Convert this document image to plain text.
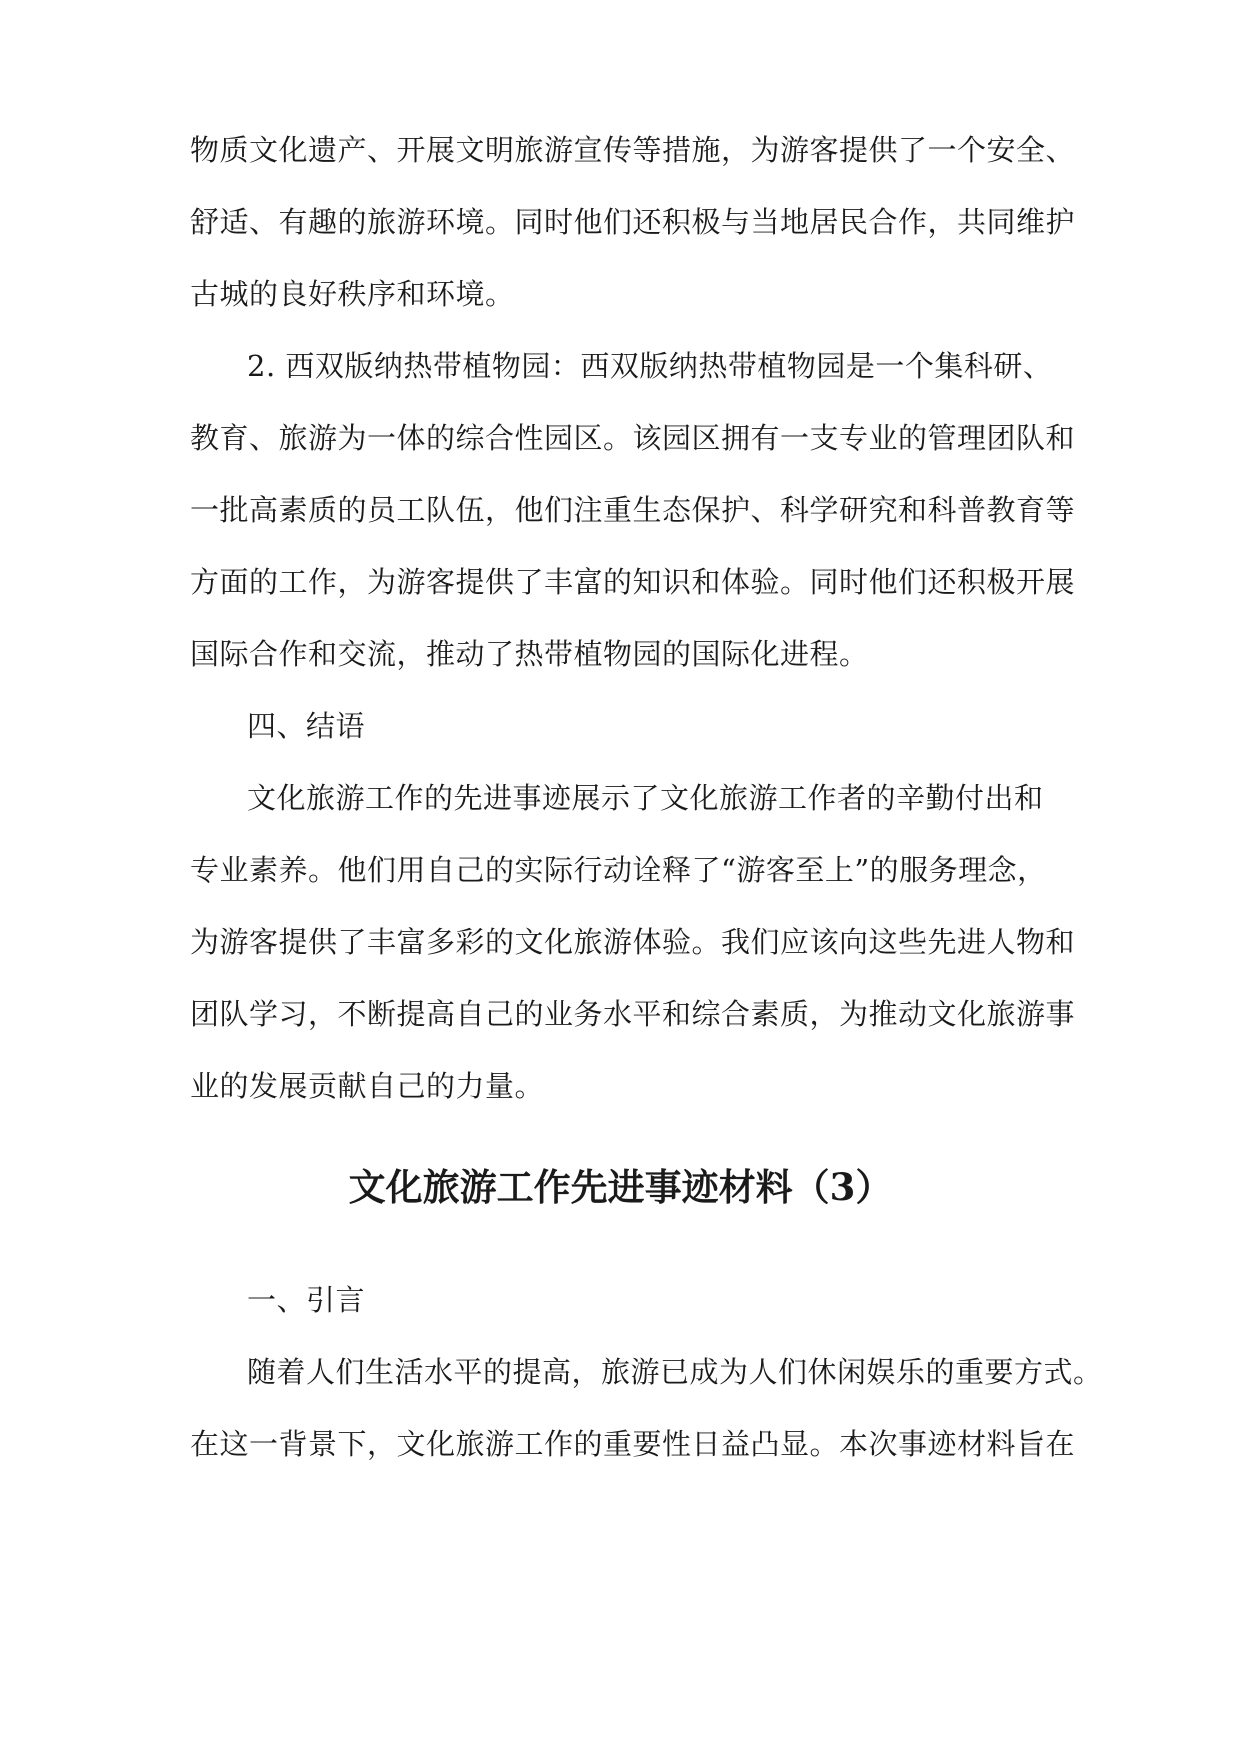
物质文化遗产、开展文明旅游宣传等措施，为游客提供了一个安全、
舒适、有趣的旅游环境。同时他们还积极与当地居民合作，共同维护
古城的良好秩序和环境。
2. 西双版纳热带植物园：西双版纳热带植物园是一个集科研、
教育、旅游为一体的综合性园区。该园区拥有一支专业的管理团队和
一批高素质的员工队伍，他们注重生态保护、科学研究和科普教育等
方面的工作，为游客提供了丰富的知识和体验。同时他们还积极开展
国际合作和交流，推动了热带植物园的国际化进程。
四、结语
文化旅游工作的先进事迹展示了文化旅游工作者的辛勤付出和
专业素养。他们用自己的实际行动诠释了“游客至上”的服务理念，
为游客提供了丰富多彩的文化旅游体验。我们应该向这些先进人物和
团队学习，不断提高自己的业务水平和综合素质，为推动文化旅游事
业的发展贡献自己的力量。
文化旅游工作先进事迹材料（3）
一、引言
随着人们生活水平的提高，旅游已成为人们休闲娱乐的重要方式。
在这一背景下，文化旅游工作的重要性日益凸显。本次事迹材料旨在
